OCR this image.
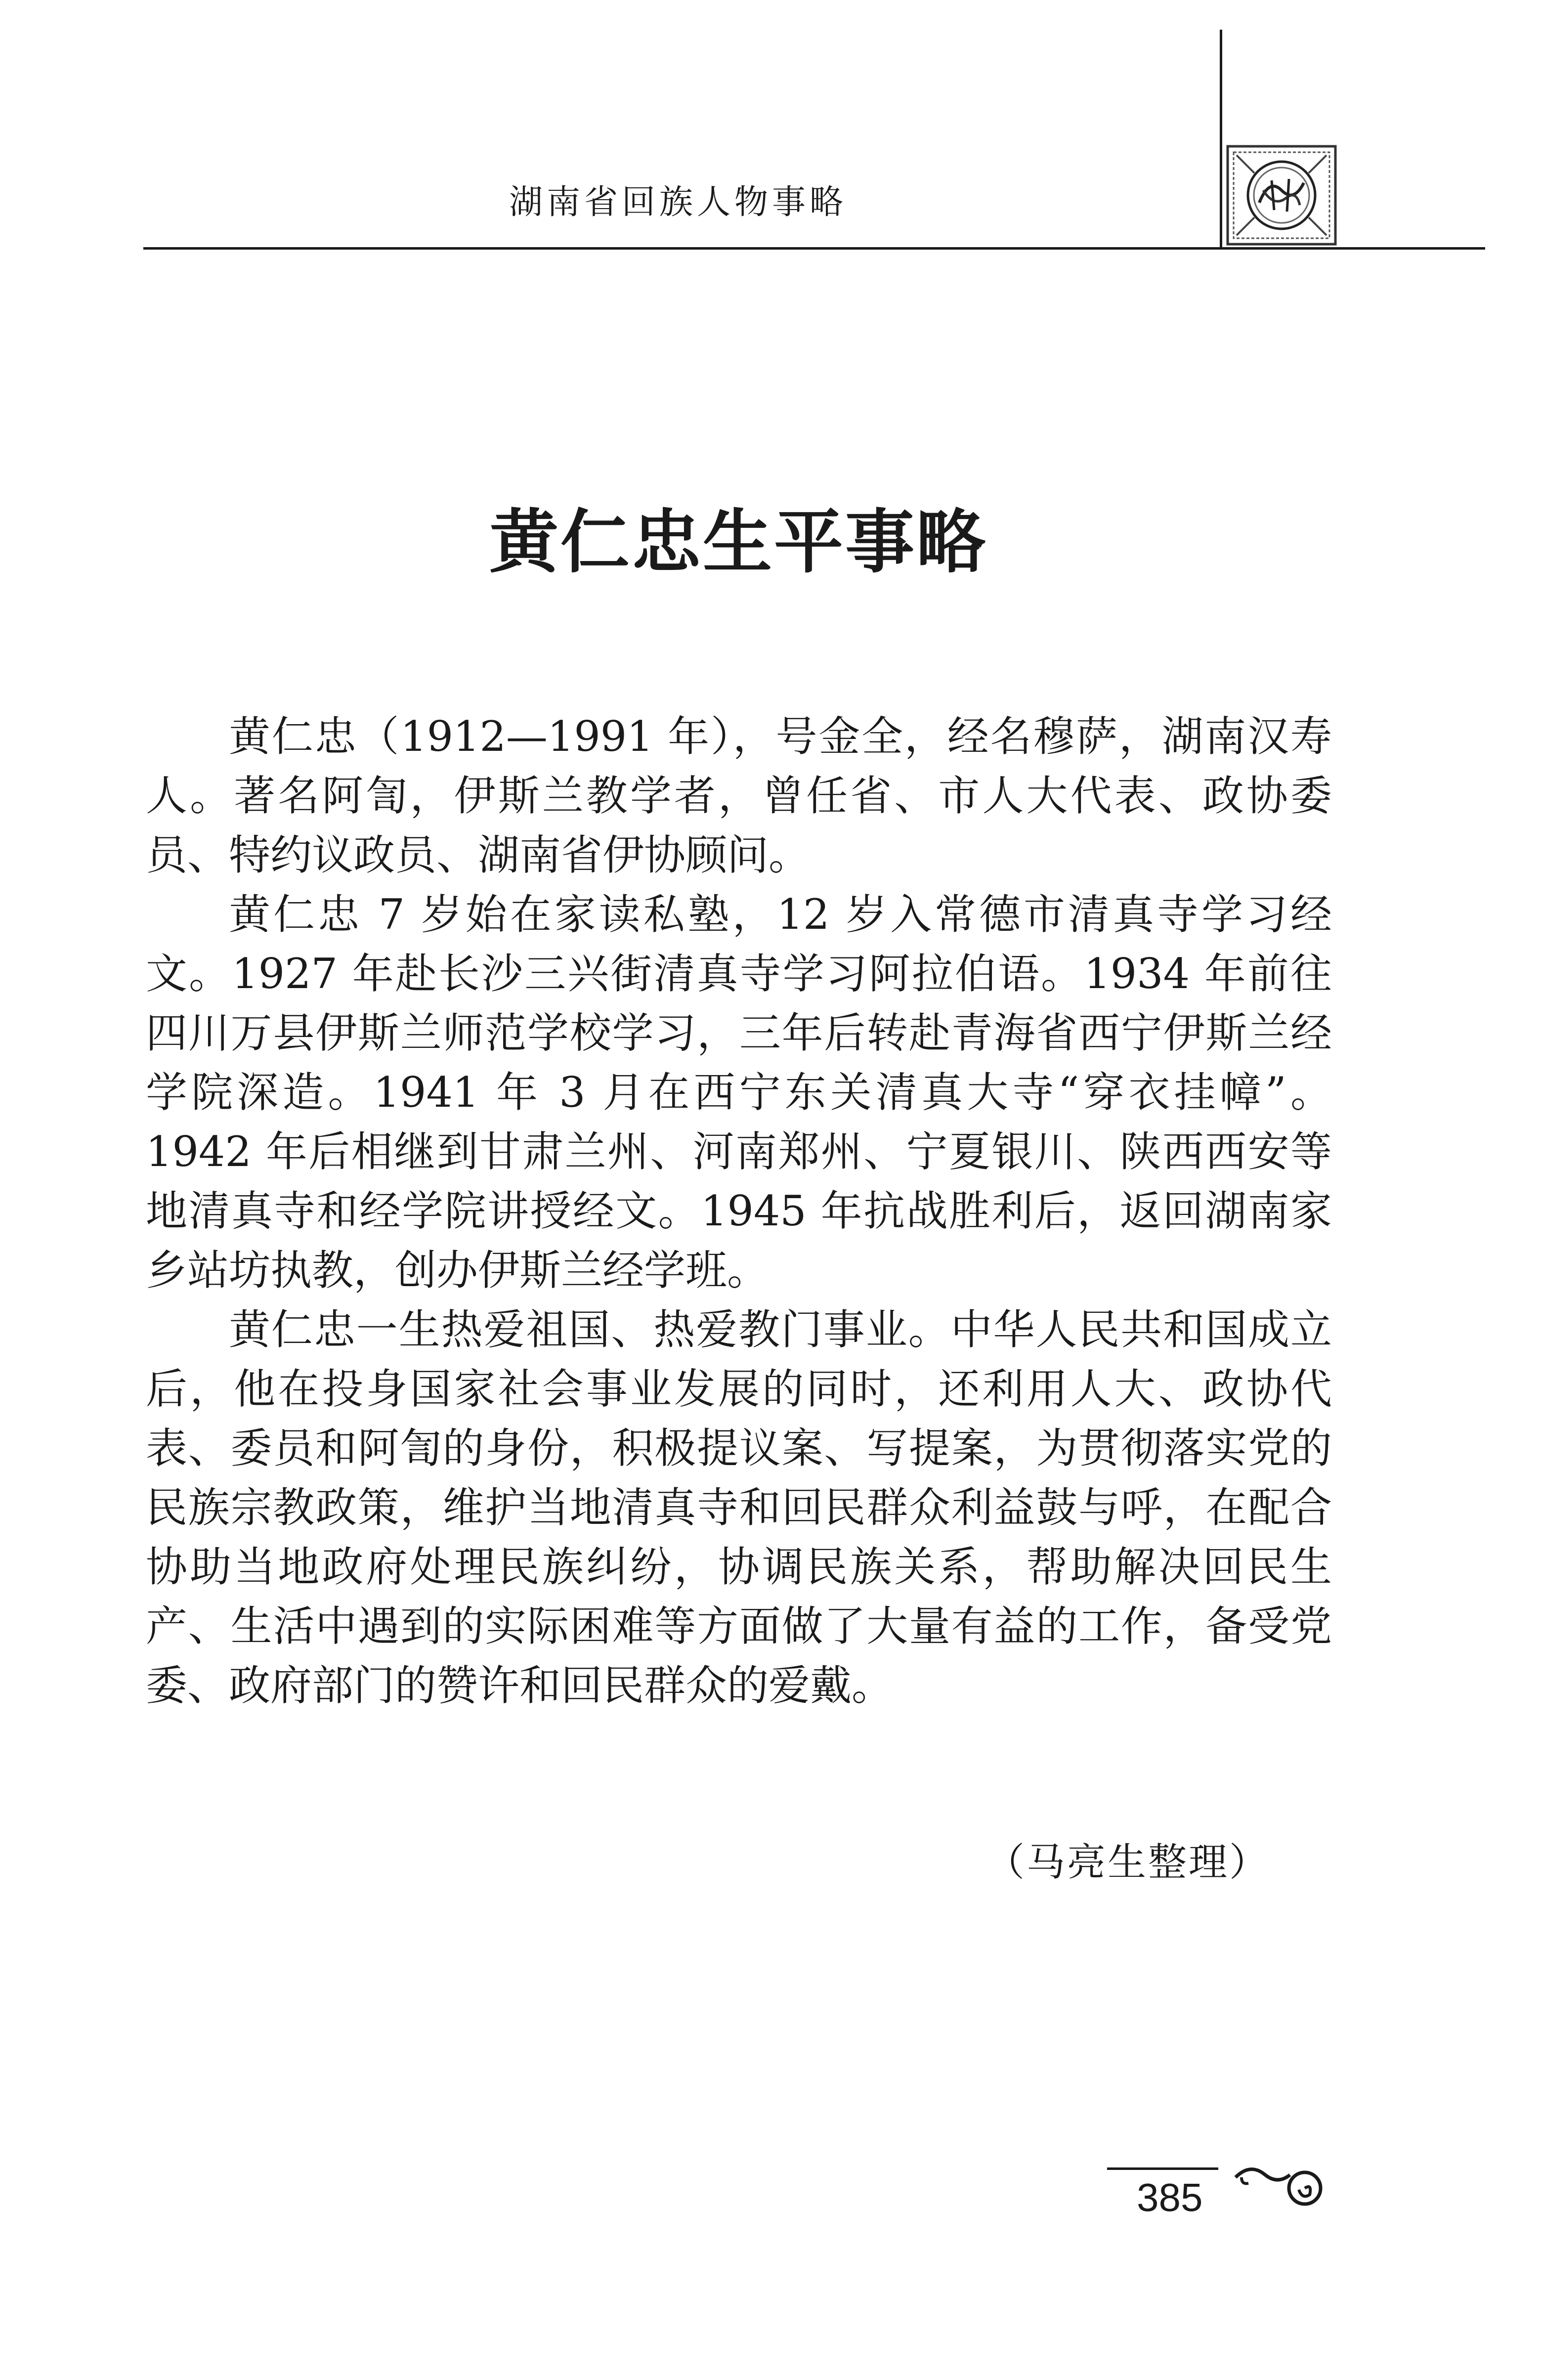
湖南省回族人物事略
黄仁忠生平事略

黄仁忠（1912—1991 年），号金全，经名穆萨，湖南汉寿人。著名阿訇，伊斯兰教学者，曾任省、市人大代表、政协委员、特约议政员、湖南省伊协顾问。

黄仁忠 7 岁始在家读私塾，12 岁入常德市清真寺学习经文。1927 年赴长沙三兴街清真寺学习阿拉伯语。1934 年前往四川万县伊斯兰师范学校学习，三年后转赴青海省西宁伊斯兰经学院深造。1941 年 3 月在西宁东关清真大寺“穿衣挂幛”。1942 年后相继到甘肃兰州、河南郑州、宁夏银川、陕西西安等地清真寺和经学院讲授经文。1945 年抗战胜利后，返回湖南家乡站坊执教，创办伊斯兰经学班。

黄仁忠一生热爱祖国、热爱教门事业。中华人民共和国成立后，他在投身国家社会事业发展的同时，还利用人大、政协代表、委员和阿訇的身份，积极提议案、写提案，为贯彻落实党的民族宗教政策，维护当地清真寺和回民群众利益鼓与呼，在配合协助当地政府处理民族纠纷，协调民族关系，帮助解决回民生产、生活中遇到的实际困难等方面做了大量有益的工作，备受党委、政府部门的赞许和回民群众的爱戴。

（马亮生整理）
385
